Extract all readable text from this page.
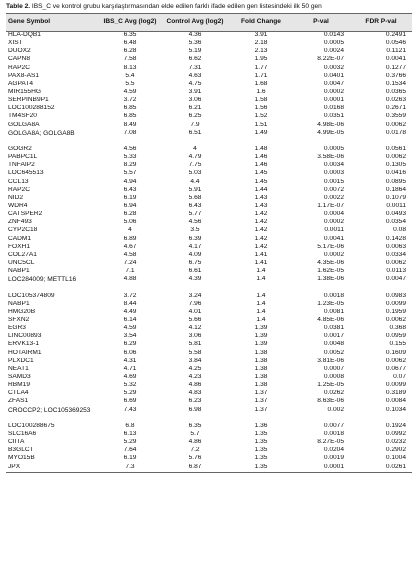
Table 2. IBS_C ve kontrol grubu karşılaştırmasından elde edilen farklı ifade edilen gen listesindeki ilk 50 gen
Gene Symbol	IBS_C Avg (log2)	Control Avg (log2)	Fold Change	P-val	FDR P-val
HLA-DQB1	6.35	4.36	3.91	0.0143	0.2491
XIST	6.48	5.36	2.18	0.0005	0.0546
DUOX2	6.28	5.19	2.13	0.0024	0.1121
CAPN8	7.58	6.62	1.95	8.22E-07	0.0041
RAP2C	8.13	7.31	1.77	0.0032	0.1277
PAX8-AS1	5.4	4.63	1.71	0.0401	0.3766
AGPAT4	5.5	4.75	1.68	0.0047	0.1534
MIR155HG	4.59	3.91	1.6	0.0002	0.0365
SERPINB9P1	3.72	3.06	1.58	0.0001	0.0263
LOC100288152	6.85	6.21	1.56	0.0168	0.2671
TM4SF20	6.85	6.25	1.52	0.0351	0.3559
GOLGA8A	8.49	7.9	1.51	4.98E-06	0.0062
GOLGA8A; GOLGA8B	7.08	6.51	1.49	4.99E-05	0.0178
GOGR2	4.56	4	1.48	0.0005	0.0561
PABPC1L	5.33	4.79	1.46	3.58E-06	0.0062
TNFAIP2	8.29	7.75	1.46	0.0034	0.1305
LOC645513	5.57	5.03	1.45	0.0003	0.0416
CCL13	4.94	4.4	1.45	0.0015	0.0895
RAP2C	6.43	5.91	1.44	0.0072	0.1864
NID2	6.19	5.68	1.43	0.0022	0.1079
WDR4	6.94	6.43	1.43	1.17E-07	0.0011
CATSPER2	6.28	5.77	1.42	0.0004	0.0493
ZNF493	5.06	4.56	1.42	0.0002	0.0354
CYP2C18	4	3.5	1.42	0.0011	0.08
CADM1	6.89	6.39	1.42	0.0041	0.1428
FOXH1	4.67	4.17	1.42	5.17E-06	0.0063
COL27A1	4.58	4.09	1.41	0.0002	0.0334
UNC5CL	7.24	6.75	1.41	4.35E-06	0.0062
NABP1	7.1	6.61	1.4	1.62E-05	0.0113
LOC284009; METTL16	4.88	4.39	1.4	1.38E-06	0.0047
LOC105374809	3.72	3.24	1.4	0.0018	0.0983
NABP1	8.44	7.96	1.4	1.23E-05	0.0099
HMG20B	4.49	4.01	1.4	0.0081	0.1959
SFXN2	6.14	5.66	1.4	4.85E-06	0.0062
EGR3	4.59	4.12	1.39	0.0381	0.368
LINC00893	3.54	3.06	1.39	0.0017	0.0959
ERVK13-1	6.29	5.81	1.39	0.0048	0.155
HOTAIRM1	6.06	5.58	1.38	0.0052	0.1609
PLXDC1	4.31	3.84	1.38	3.81E-06	0.0062
NEAT1	4.71	4.25	1.38	0.0007	0.0677
SAMD3	4.69	4.23	1.38	0.0008	0.07
RBM19	5.32	4.86	1.38	1.25E-05	0.0099
CTLA4	5.29	4.83	1.37	0.0262	0.3189
ZFAS1	6.69	6.23	1.37	8.63E-06	0.0084
CROCCP2; LOC105369253	7.43	6.98	1.37	0.002	0.1034
LOC100288675	6.8	6.35	1.36	0.0077	0.1924
SLC16A6	6.13	5.7	1.35	0.0018	0.0992
CIITA	5.29	4.86	1.35	8.27E-05	0.0232
B3GLCT	7.64	7.2	1.35	0.0204	0.2902
MYO15B	6.19	5.76	1.35	0.0019	0.1004
JPX	7.3	6.87	1.35	0.0001	0.0261
